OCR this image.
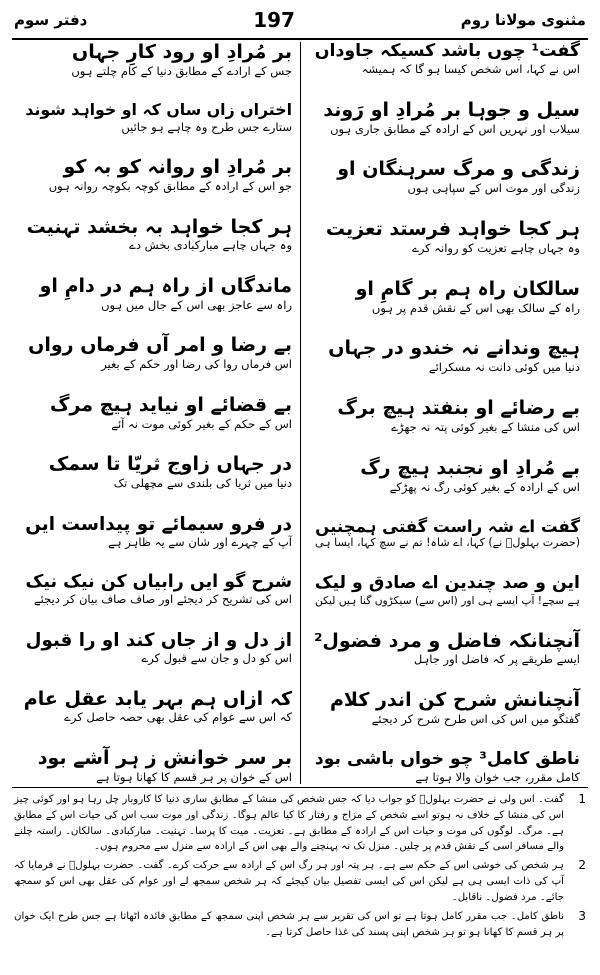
دفتر سوم	197	مثنوی مولانا روم
گفت¹ چوں باشد کسیکہ جاوداں
اس نے کہا، اس شخص کیسا ہو گا کہ ہمیشہ
سیل و جوہا بر مُرادِ او رَوند
سیلاب اور نہریں اس کے ارادہ کے مطابق جاری ہوں
زندگی و مرگ سرہنگان او
زندگی اور موت اس کے سپاہی ہوں
ہر کجا خواہد فرستد تعزیت
وہ جہاں چاہے تعزیت کو روانہ کرے
سالکان راہ ہم بر گامِ او
راہ کے سالک بھی اس کے نقش قدم پر ہوں
ہیچ وندانے نہ خندو در جہاں
دنیا میں کوئی دانت نہ مسکرائے
بے رضائے او بنفتد ہیچ برگ
اس کی منشا کے بغیر کوئی پتہ نہ جھڑے
بے مُرادِ او نجنبد ہیچ رگ
اس کے ارادہ کے بغیر کوئی رگ نہ پھڑکے
گفت اے شہ راست گفتی ہمچنیں
(حضرت بہلولؒ نے) کہا، اے شاہ! تم نے سچ کہا، ایسا ہی
این و صد چندین اے صادق و لیک
ہے سچے! آپ ایسے ہی اور (اس سے) سیکڑوں گنا ہیں لیکن
آنچنانکہ فاضل و مرد فضول²
ایسے طریقے پر کہ فاضل اور جاہل
آنچنانش شرح کن اندر کلام
گفتگو میں اس کی اس طرح شرح کر دیجئے
ناطق کامل³ چو خواں باشی بود
کامل مقرر، جب خوان والا ہوتا ہے
بر مُرادِ او رود کارِ جہاں
جس کے ارادے کے مطابق دنیا کے کام چلتے ہوں
اختراں زاں ساں کہ او خواہد شوند
ستارے جس طرح وہ چاہے ہو جائیں
بر مُرادِ او روانہ کو بہ کو
جو اس کے ارادہ کے مطابق کوچہ بکوچہ روانہ ہوں
ہر کجا خواہد بہ بخشد تہنیت
وہ جہاں چاہے مبارکبادی بخش دے
ماندگاں از راہ ہم در دامِ او
راہ سے عاجز بھی اس کے جال میں ہوں
بے رضا و امر آں فرماں رواں
اس فرماں روا کی رضا اور حکم کے بغیر
بے قضائے او نیاید ہیچ مرگ
اس کے حکم کے بغیر کوئی موت نہ آئے
در جہاں زاوج ثریّا تا سمک
دنیا میں ثریا کی بلندی سے مچھلی تک
در فرو سیمائے تو پیداست ایں
آپ کے چہرے اور شان سے یہ ظاہر ہے
شرح گو ایں رابیاں کن نیک نیک
اس کی تشریح کر دیجئے اور صاف صاف بیان کر دیجئے
از دل و از جاں کند او را قبول
اس کو دل و جان سے قبول کرے
کہ ازاں ہم بہر یابد عقل عام
کہ اس سے عوام کی عقل بھی حصہ حاصل کرے
بر سر خوانش ز ہر آشے بود
اس کے خوان پر ہر قسم کا کھانا ہوتا ہے
1
گفت۔ اس ولی نے حضرت بہلولؒ کو جواب دیا کہ جس شخص کی منشا کے مطابق ساری دنیا کا کاروبار چل رہا ہو اور کوئی چیز اس کی منشا کے خلاف نہ ہوتو اسے شخص کے مزاج و رفتار کا کیا عالم ہوگا۔ زندگی اور موت سب اس کی حیات اس کے مطابق ہے۔ مرگ۔ لوگوں کی موت و حیات اس کے ارادہ کے مطابق ہے۔ تعزیت۔ میت کا پرسا۔ تہنیت۔ مبارکبادی۔ سالکان۔ راستہ چلنے والے مسافر اسی کے نقش قدم پر چلیں۔ منزل تک نہ پہنچنے والے بھی اس کے ارادہ سے منزل سے محروم ہوں۔
2
ہر شخص کی خوشی اس کے حکم سے ہے۔ ہر پتہ اور ہر رگ اس کے ارادہ سے حرکت کرے۔ گفت۔ حضرت بہلولؒ نے فرمایا کہ آپ کی ذات ایسی ہی ہے لیکن اس کی ایسی تفصیل بیان کیجئے کہ ہر شخص سمجھ لے اور عوام کی عقل بھی اس کو سمجھ جائے۔ مرد فضول۔ ناقابل۔
3
ناطق کامل۔ جب مقرر کامل ہوتا ہے تو اس کی تقریر سے ہر شخص اپنی سمجھ کے مطابق فائدہ اٹھاتا ہے جس طرح ایک خوان پر ہر قسم کا کھانا ہو تو ہر شخص اپنی پسند کی غذا حاصل کرتا ہے۔
